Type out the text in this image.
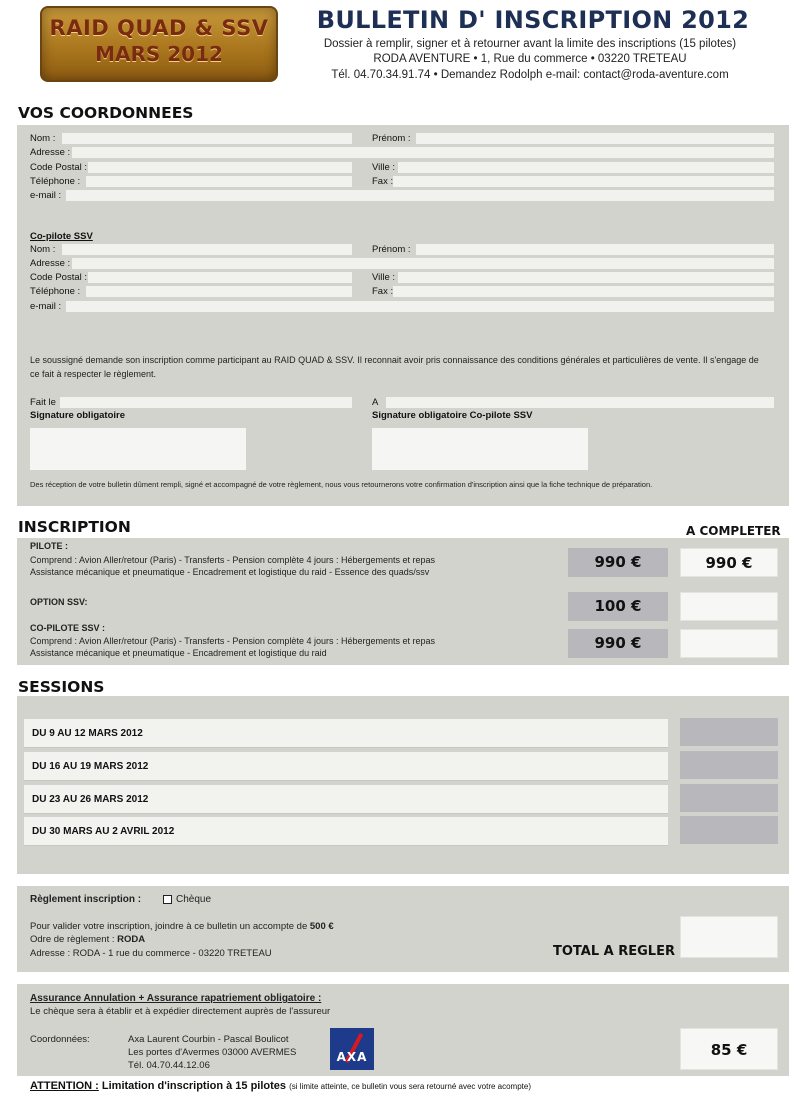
RAID QUAD & SSV
MARS 2012
BULLETIN D' INSCRIPTION 2012
Dossier à remplir, signer et à retourner avant la limite des inscriptions (15 pilotes)
RODA AVENTURE • 1, Rue du commerce • 03220 TRETEAU
Tél. 04.70.34.91.74 • Demandez Rodolph e-mail: contact@roda-aventure.com
VOS COORDONNEES
Nom :	Prénom :
Adresse :
Code Postal :	Ville :
Téléphone :	Fax :
e-mail :
Co-pilote SSV
Nom :	Prénom :
Adresse :
Code Postal :	Ville :
Téléphone :	Fax :
e-mail :
Le soussigné demande son inscription comme participant au RAID QUAD & SSV. Il reconnait avoir pris connaissance des conditions générales et particulières de vente. Il s'engage de ce fait à respecter le règlement.
Fait le	A
Signature obligatoire	Signature obligatoire Co-pilote SSV
Des réception de votre bulletin dûment rempli, signé et accompagné de votre règlement, nous vous retournerons votre confirmation d'inscription ainsi que la fiche technique de préparation.
INSCRIPTION	A COMPLETER
PILOTE :
Comprend : Avion Aller/retour (Paris) - Transferts - Pension complète 4 jours : Hébergements et repas
Assistance mécanique et pneumatique - Encadrement et logistique du raid - Essence des quads/ssv
990 €	990 €
OPTION SSV:	100 €
CO-PILOTE SSV :
Comprend : Avion Aller/retour (Paris) - Transferts - Pension complète 4 jours : Hébergements et repas
Assistance mécanique et pneumatique - Encadrement et logistique du raid
990 €
SESSIONS
DU 9 AU 12 MARS 2012
DU 16 AU 19 MARS 2012
DU 23 AU 26 MARS 2012
DU 30 MARS AU 2 AVRIL 2012
Règlement inscription :	Chèque
Pour valider votre inscription, joindre à ce bulletin un accompte de 500 €
Odre de règlement : RODA
Adresse : RODA - 1 rue du commerce - 03220 TRETEAU	TOTAL A REGLER
Assurance Annulation + Assurance rapatriement obligatoire :
Le chèque sera à établir et à expédier directement auprès de l'assureur
Coordonnées:	Axa Laurent Courbin - Pascal Boulicot
Les portes d'Avermes 03000 AVERMES
Tél. 04.70.44.12.06
AXA	85 €
ATTENTION : Limitation d'inscription à 15 pilotes (si limite atteinte, ce bulletin vous sera retourné avec votre acompte)
